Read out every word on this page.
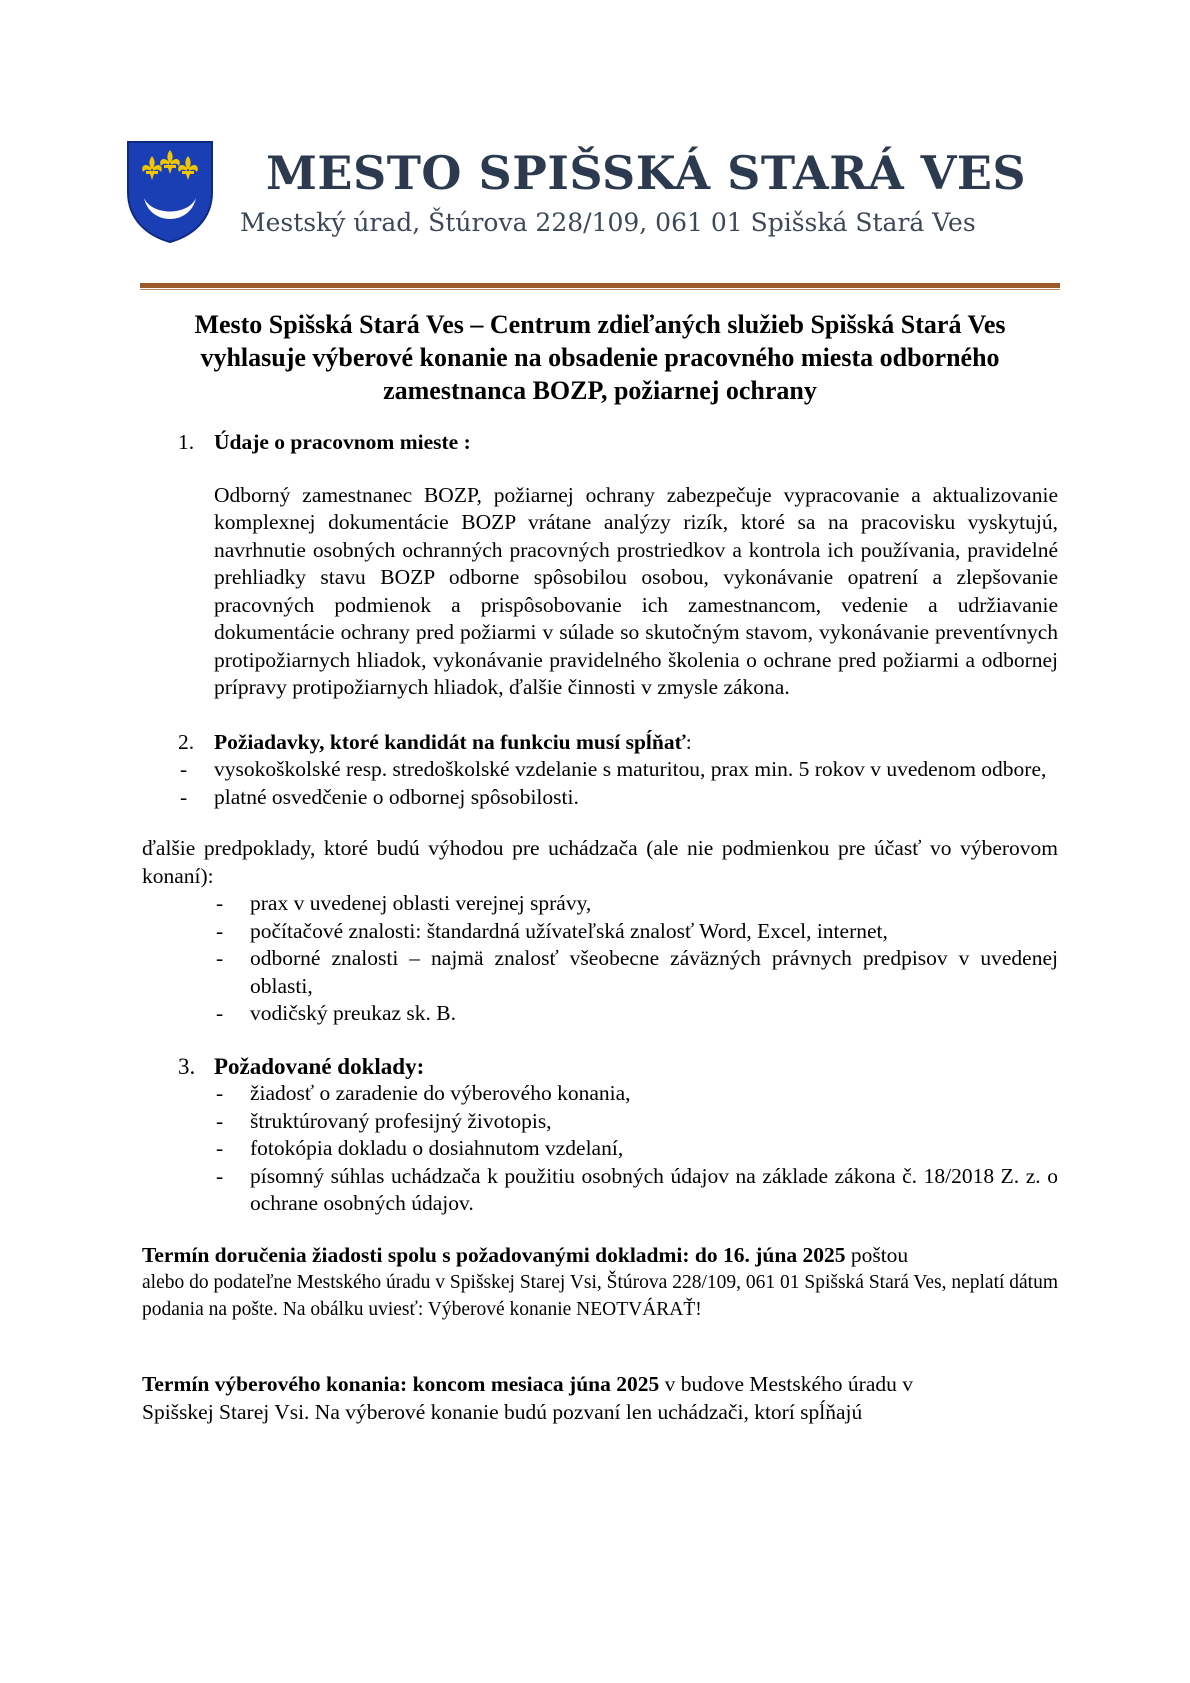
MESTO SPIŠSKÁ STARÁ VES
Mestský úrad, Štúrova 228/109, 061 01 Spišská Stará Ves
Mesto Spišská Stará Ves – Centrum zdieľaných služieb Spišská Stará Ves
vyhlasuje výberové konanie na obsadenie pracovného miesta odborného
zamestnanca BOZP, požiarnej ochrany

1. Údaje o pracovnom mieste :

Odborný zamestnanec BOZP, požiarnej ochrany zabezpečuje vypracovanie a aktualizovanie komplexnej dokumentácie BOZP vrátane analýzy rizík, ktoré sa na pracovisku vyskytujú, navrhnutie osobných ochranných pracovných prostriedkov a kontrola ich používania, pravidelné prehliadky stavu BOZP odborne spôsobilou osobou, vykonávanie opatrení a zlepšovanie pracovných podmienok a prispôsobovanie ich zamestnancom, vedenie a udržiavanie dokumentácie ochrany pred požiarmi v súlade so skutočným stavom, vykonávanie preventívnych protipožiarnych hliadok, vykonávanie pravidelného školenia o ochrane pred požiarmi a odbornej prípravy protipožiarnych hliadok, ďalšie činnosti v zmysle zákona.

2. Požiadavky, ktoré kandidát na funkciu musí spĺňať:

- vysokoškolské resp. stredoškolské vzdelanie s maturitou, prax min. 5 rokov v uvedenom odbore,
- platné osvedčenie o odbornej spôsobilosti.

ďalšie predpoklady, ktoré budú výhodou pre uchádzača (ale nie podmienkou pre účasť vo výberovom konaní):

- prax v uvedenej oblasti verejnej správy,
- počítačové znalosti: štandardná užívateľská znalosť Word, Excel, internet,
- odborné znalosti – najmä znalosť všeobecne záväzných právnych predpisov v uvedenej oblasti,
- vodičský preukaz sk. B.

3. Požadované doklady:

- žiadosť o zaradenie do výberového konania,
- štruktúrovaný profesijný životopis,
- fotokópia dokladu o dosiahnutom vzdelaní,
- písomný súhlas uchádzača k použitiu osobných údajov na základe zákona č. 18/2018 Z. z. o ochrane osobných údajov.

Termín doručenia žiadosti spolu s požadovanými dokladmi: do 16. júna 2025 poštou

alebo do podateľne Mestského úradu v Spišskej Starej Vsi, Štúrova 228/109, 061 01 Spišská Stará Ves, neplatí dátum podania na pošte. Na obálku uviesť: Výberové konanie NEOTVÁRAŤ!

Termín výberového konania: koncom mesiaca júna 2025 v budove Mestského úradu v Spišskej Starej Vsi. Na výberové konanie budú pozvaní len uchádzači, ktorí spĺňajú
